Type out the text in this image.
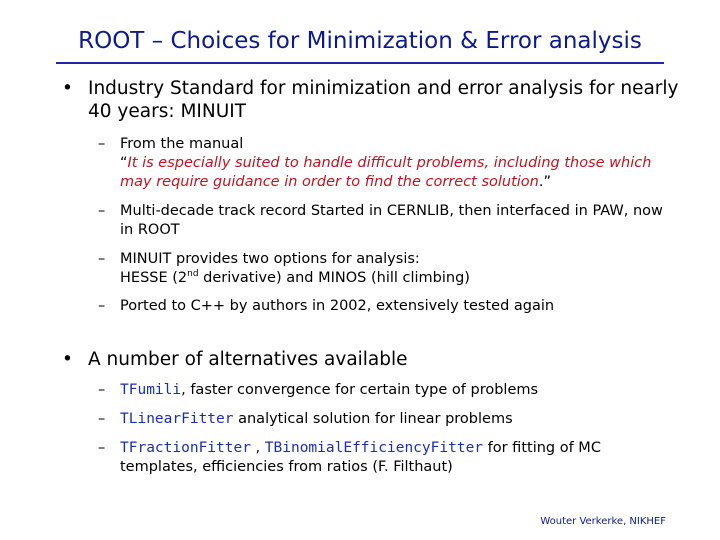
ROOT – Choices for Minimization & Error analysis
• Industry Standard for minimization and error analysis for nearly 40 years: MINUIT
– From the manual
“It is especially suited to handle difficult problems, including those which may require guidance in order to find the correct solution.”
– Multi-decade track record Started in CERNLIB, then interfaced in PAW, now in ROOT
– MINUIT provides two options for analysis:
HESSE (2nd derivative) and MINOS (hill climbing)
– Ported to C++ by authors in 2002, extensively tested again
• A number of alternatives available
– TFumili, faster convergence for certain type of problems
– TLinearFitter analytical solution for linear problems
– TFractionFitter , TBinomialEfficiencyFitter for fitting of MC templates, efficiencies from ratios (F. Filthaut)
Wouter Verkerke, NIKHEF
